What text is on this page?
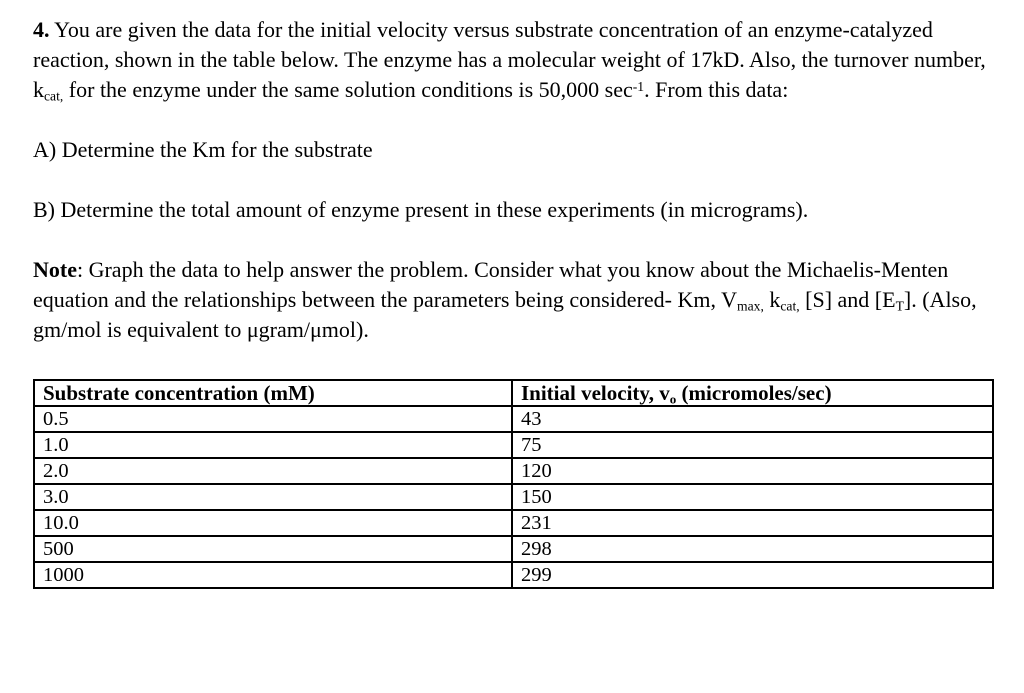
4. You are given the data for the initial velocity versus substrate concentration of an enzyme-catalyzed reaction, shown in the table below. The enzyme has a molecular weight of 17kD. Also, the turnover number, $k_{cat,}$ for the enzyme under the same solution conditions is 50,000 $\sec^{-1}$. From this data:

A) Determine the Km for the substrate

B) Determine the total amount of enzyme present in these experiments (in micrograms).

Note: Graph the data to help answer the problem. Consider what you know about the Michaelis-Menten equation and the relationships between the parameters being considered- Km, $V_{max,}$ $k_{cat,}$ [S] and $[E_T]$. (Also, gm/mol is equivalent to μgram/μmol).

Substrate concentration (mM)	Initial velocity, $v_o$ (micromoles/sec)
0.5	43
1.0	75
2.0	120
3.0	150
10.0	231
500	298
1000	299
